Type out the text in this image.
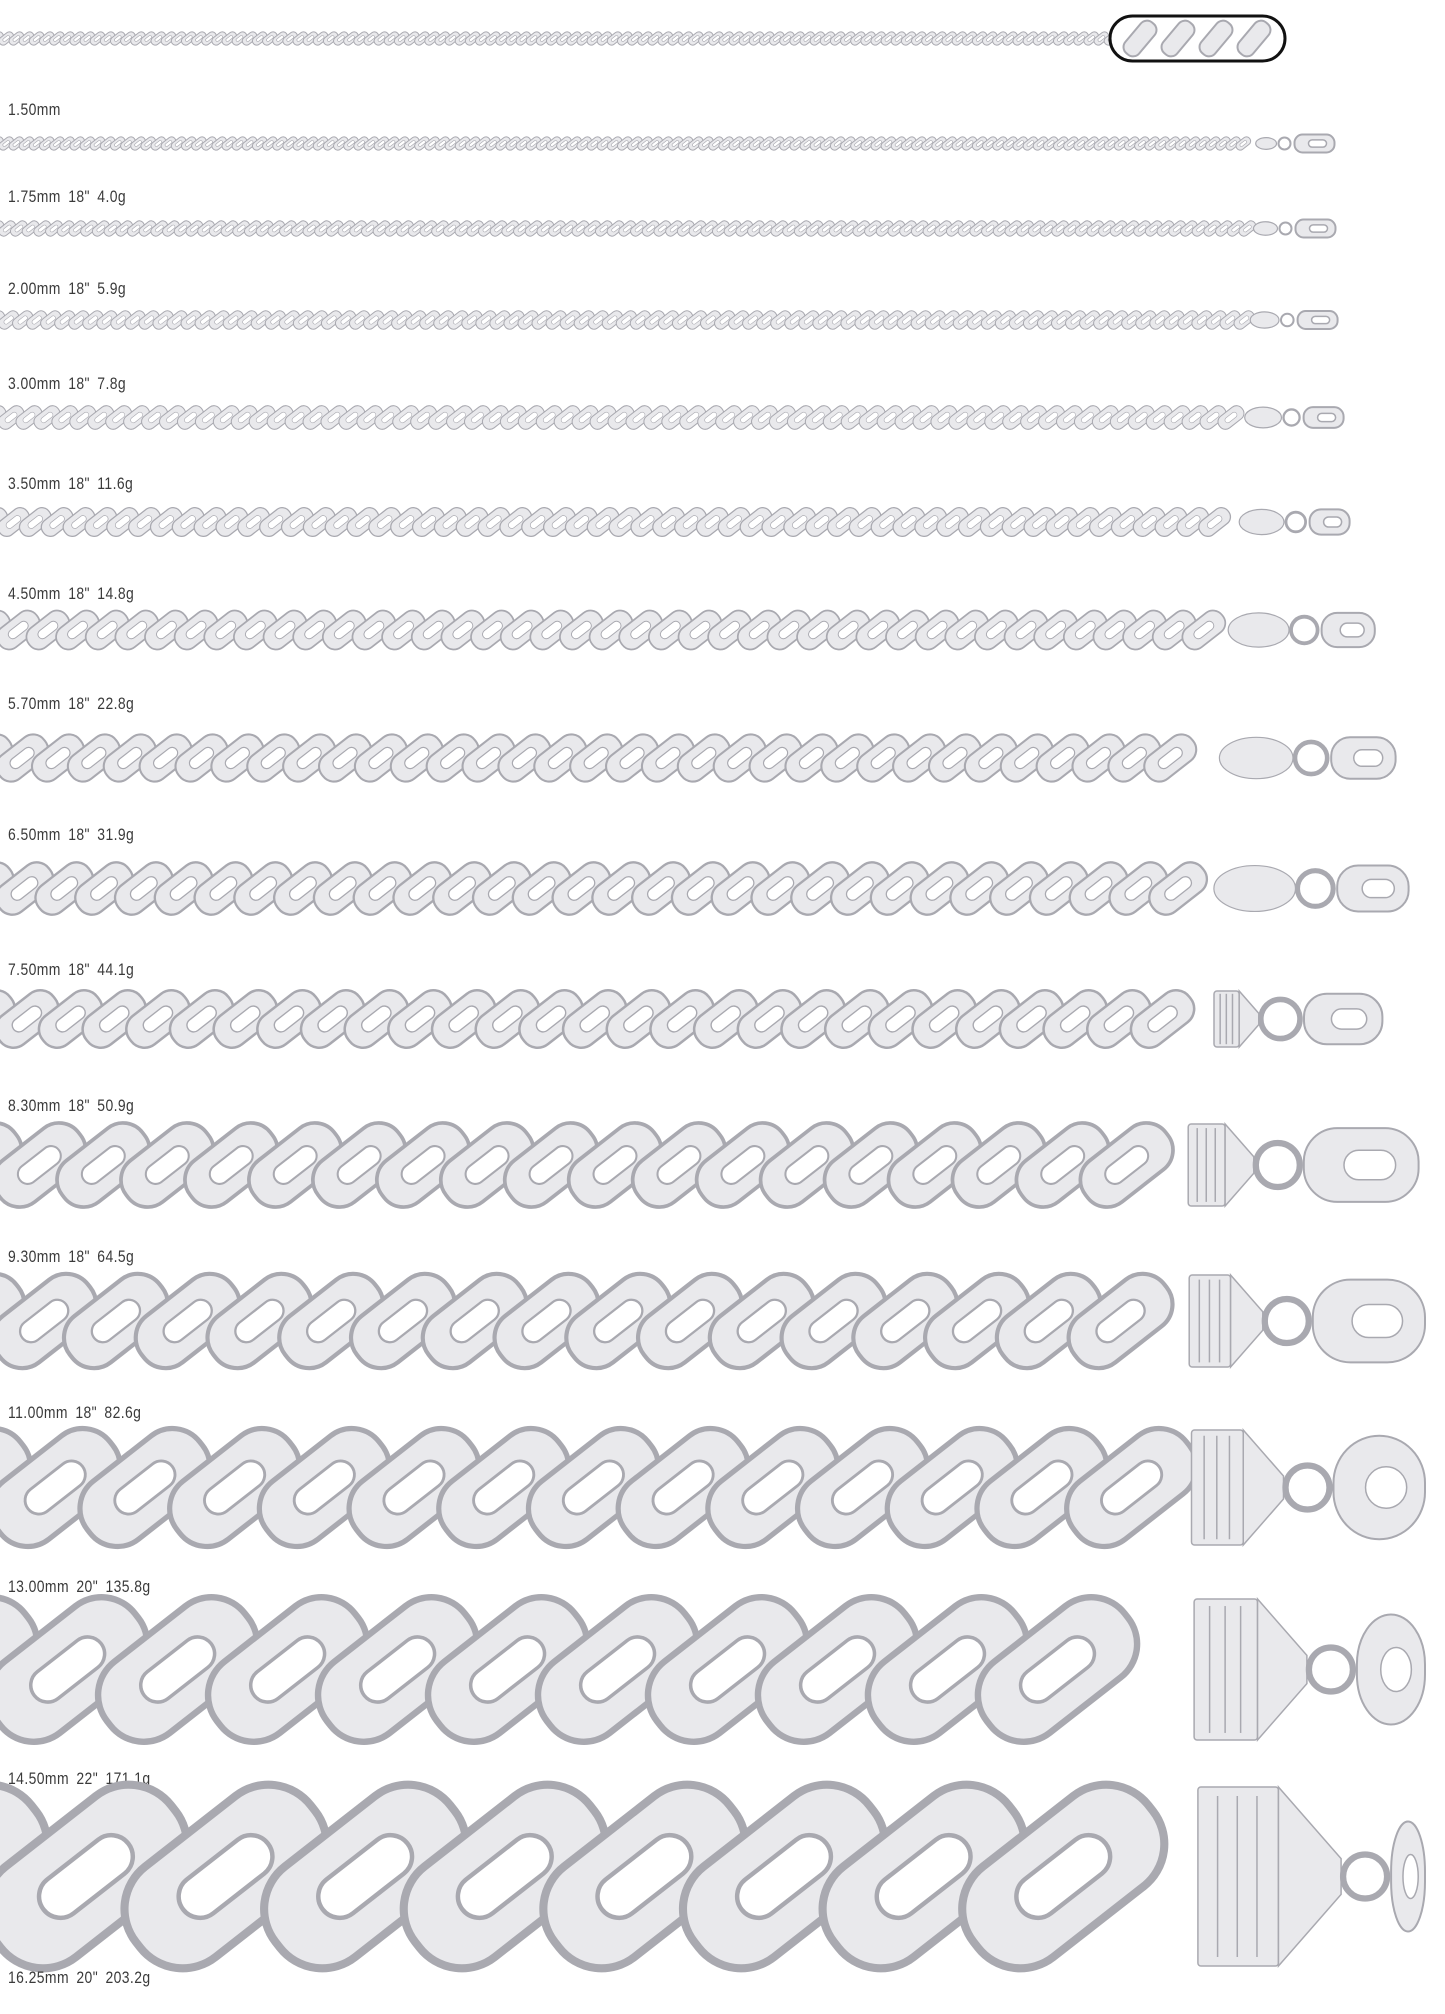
1.50mm
1.75mm 18" 4.0g
2.00mm 18" 5.9g
3.00mm 18" 7.8g
3.50mm 18" 11.6g
4.50mm 18" 14.8g
5.70mm 18" 22.8g
6.50mm 18" 31.9g
7.50mm 18" 44.1g
8.30mm 18" 50.9g
9.30mm 18" 64.5g
11.00mm 18" 82.6g
13.00mm 20" 135.8g
14.50mm 22" 171.1g
16.25mm 20" 203.2g
